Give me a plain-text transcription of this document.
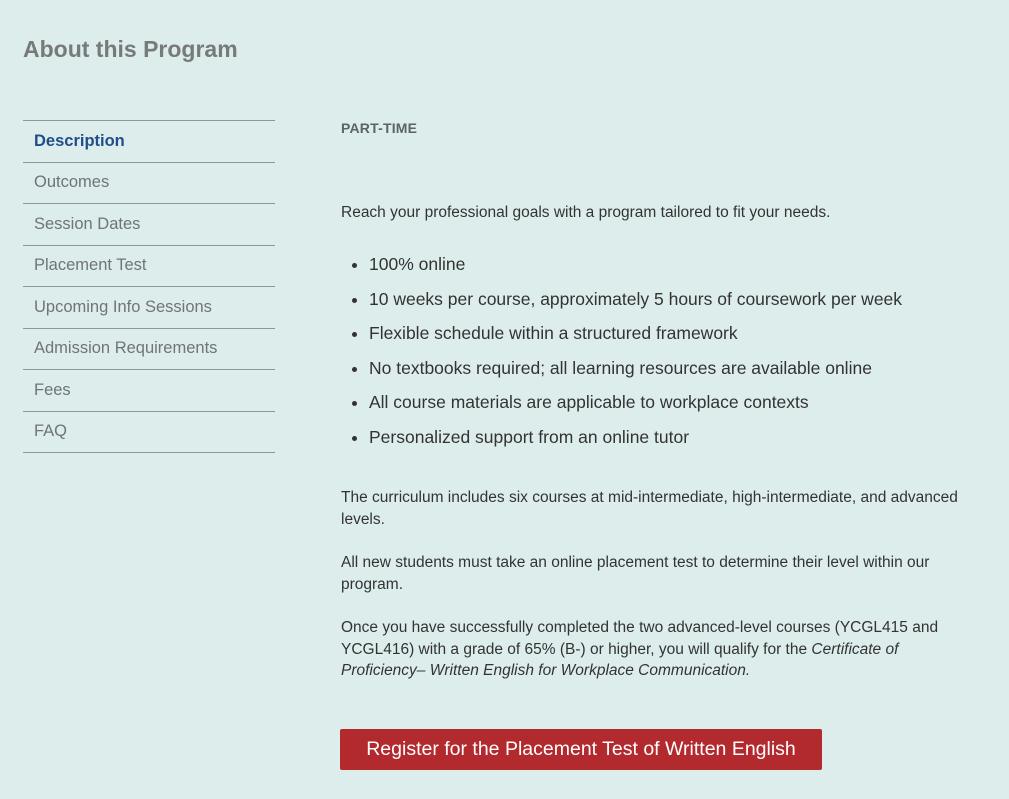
About this Program
Description
Outcomes
Session Dates
Placement Test
Upcoming Info Sessions
Admission Requirements
Fees
FAQ
PART-TIME

Reach your professional goals with a program tailored to fit your needs.

• 100% online
• 10 weeks per course, approximately 5 hours of coursework per week
• Flexible schedule within a structured framework
• No textbooks required; all learning resources are available online
• All course materials are applicable to workplace contexts
• Personalized support from an online tutor

The curriculum includes six courses at mid-intermediate, high-intermediate, and advanced levels.

All new students must take an online placement test to determine their level within our program.

Once you have successfully completed the two advanced-level courses (YCGL415 and YCGL416) with a grade of 65% (B-) or higher, you will qualify for the Certificate of Proficiency– Written English for Workplace Communication.

Register for the Placement Test of Written English
